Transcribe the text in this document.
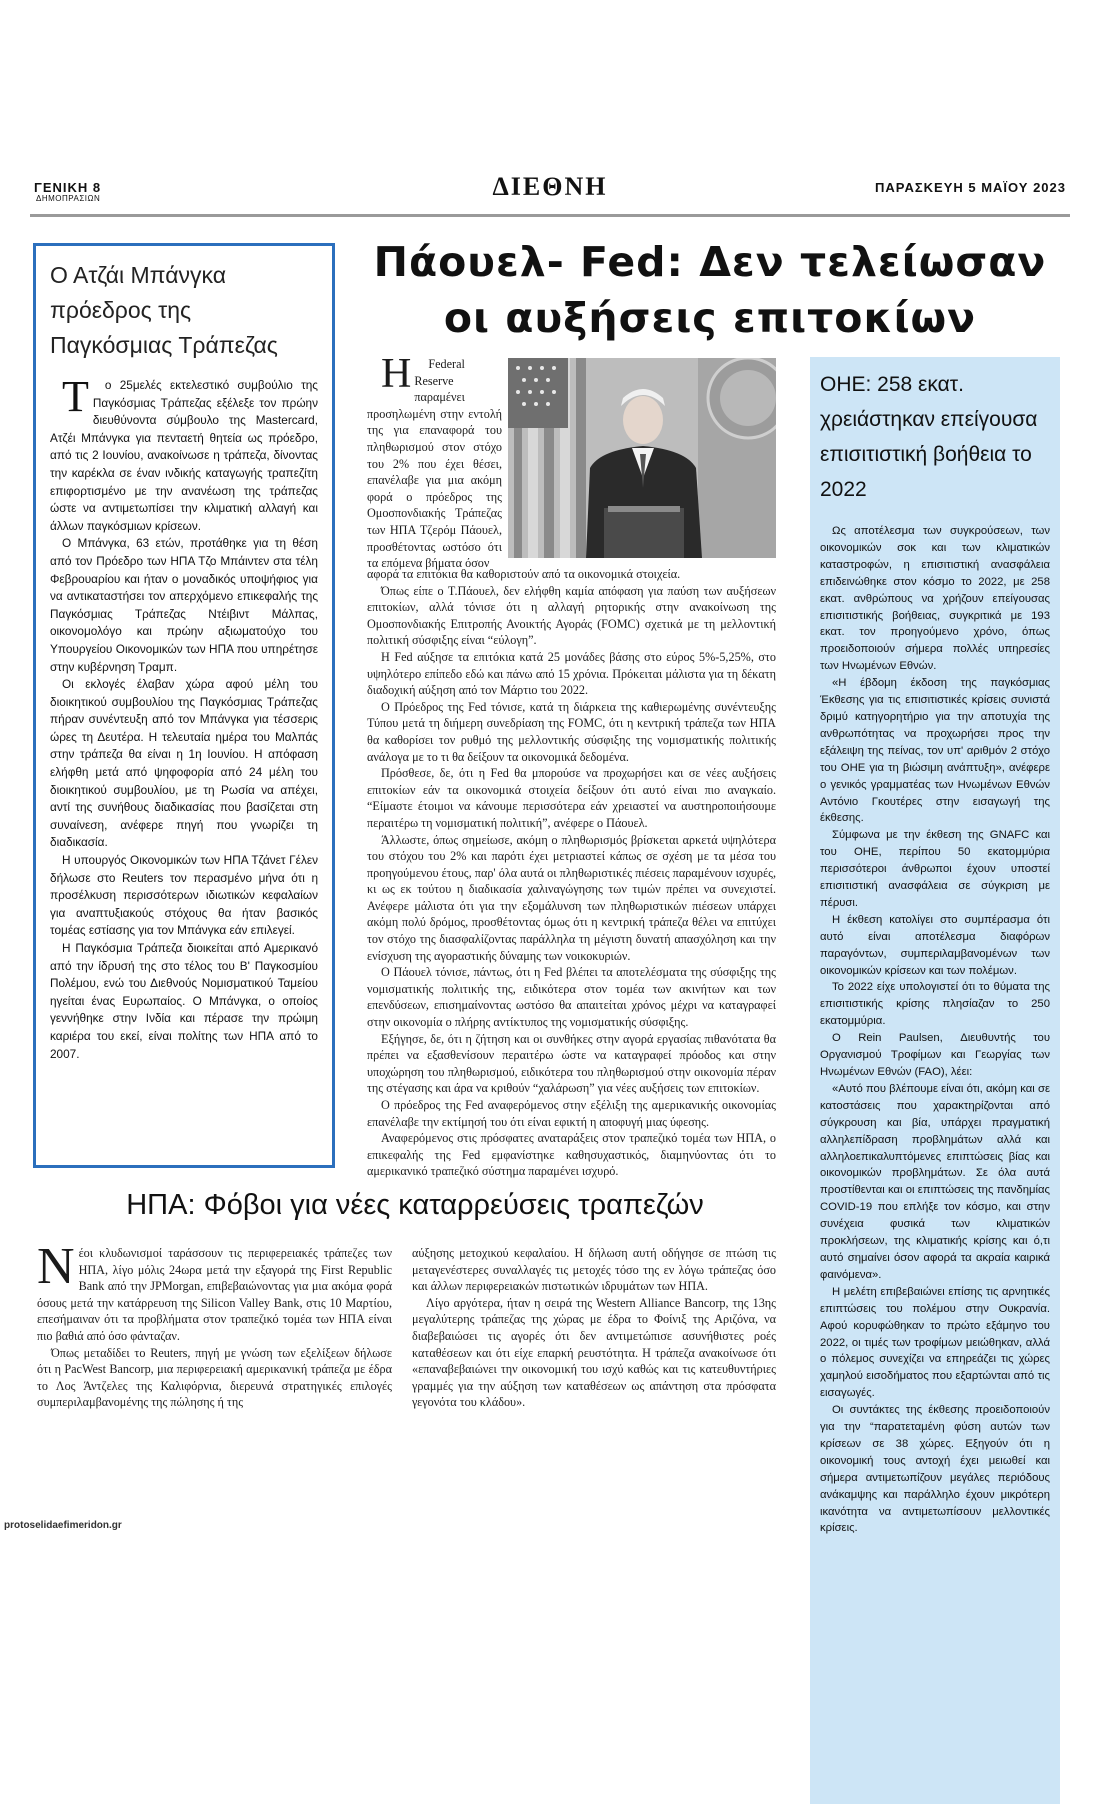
ΓΕΝΙΚΗ 8
ΔΗΜΟΠΡΑΣΙΩΝ	ΔΙΕΘΝΗ	ΠΑΡΑΣΚΕΥΗ 5 ΜΑΪΟΥ 2023
Ο Ατζάι Μπάνγκα πρόεδρος της Παγκόσμιας Τράπεζας

Το 25μελές εκτελεστικό συμβούλιο της Παγκόσμιας Τράπεζας εξέλεξε τον πρώην διευθύνοντα σύμβουλο της Mastercard, Ατζέι Μπάνγκα για πενταετή θητεία ως πρόεδρο, από τις 2 Ιουνίου, ανακοίνωσε η τράπεζα, δίνοντας την καρέκλα σε έναν ινδικής καταγωγής τραπεζίτη επιφορτισμένο με την ανανέωση της τράπεζας ώστε να αντιμετωπίσει την κλιματική αλλαγή και άλλων παγκόσμιων κρίσεων.

Ο Μπάνγκα, 63 ετών, προτάθηκε για τη θέση από τον Πρόεδρο των ΗΠΑ Τζο Μπάιντεν στα τέλη Φεβρουαρίου και ήταν ο μοναδικός υποψήφιος για να αντικαταστήσει τον απερχόμενο επικεφαλής της Παγκόσμιας Τράπεζας Ντέιβιντ Μάλπας, οικονομολόγο και πρώην αξιωματούχο του Υπουργείου Οικονομικών των ΗΠΑ που υπηρέτησε στην κυβέρνηση Τραμπ.

Οι εκλογές έλαβαν χώρα αφού μέλη του διοικητικού συμβουλίου της Παγκόσμιας Τράπεζας πήραν συνέντευξη από τον Μπάνγκα για τέσσερις ώρες τη Δευτέρα. Η τελευταία ημέρα του Μαλπάς στην τράπεζα θα είναι η 1η Ιουνίου. Η απόφαση ελήφθη μετά από ψηφοφορία από 24 μέλη του διοικητικού συμβουλίου, με τη Ρωσία να απέχει, αντί της συνήθους διαδικασίας που βασίζεται στη συναίνεση, ανέφερε πηγή που γνωρίζει τη διαδικασία.

Η υπουργός Οικονομικών των ΗΠΑ Τζάνετ Γέλεν δήλωσε στο Reuters τον περασμένο μήνα ότι η προσέλκυση περισσότερων ιδιωτικών κεφαλαίων για αναπτυξιακούς στόχους θα ήταν βασικός τομέας εστίασης για τον Μπάνγκα εάν επιλεγεί.

Η Παγκόσμια Τράπεζα διοικείται από Αμερικανό από την ίδρυσή της στο τέλος του Β' Παγκοσμίου Πολέμου, ενώ του Διεθνούς Νομισματικού Ταμείου ηγείται ένας Ευρωπαίος. Ο Μπάνγκα, ο οποίος γεννήθηκε στην Ινδία και πέρασε την πρώιμη καριέρα του εκεί, είναι πολίτης των ΗΠΑ από το 2007.

Πάουελ- Fed: Δεν τελείωσαν
οι αυξήσεις επιτοκίων

ΗFederal Reserve παραμένει προσηλωμένη στην εντολή της για επαναφορά του πληθωρισμού στον στόχο του 2% που έχει θέσει, επανέλαβε για μια ακόμη φορά ο πρόεδρος της Ομοσπονδιακής Τράπεζας των ΗΠΑ Τζερόμ Πάουελ, προσθέτοντας ωστόσο ότι τα επόμενα βήματα όσον

αφορά τα επιτόκια θα καθοριστούν από τα οικονομικά στοιχεία.

Όπως είπε ο Τ.Πάουελ, δεν ελήφθη καμία απόφαση για παύση των αυξήσεων επιτοκίων, αλλά τόνισε ότι η αλλαγή ρητορικής στην ανακοίνωση της Ομοσπονδιακής Επιτροπής Ανοικτής Αγοράς (FOMC) σχετικά με τη μελλοντική πολιτική σύσφιξης είναι “εύλογη”.

Η Fed αύξησε τα επιτόκια κατά 25 μονάδες βάσης στο εύρος 5%-5,25%, στο υψηλότερο επίπεδο εδώ και πάνω από 15 χρόνια. Πρόκειται μάλιστα για τη δέκατη διαδοχική αύξηση από τον Μάρτιο του 2022.

Ο Πρόεδρος της Fed τόνισε, κατά τη διάρκεια της καθιερωμένης συνέντευξης Τύπου μετά τη διήμερη συνεδρίαση της FOMC, ότι η κεντρική τράπεζα των ΗΠΑ θα καθορίσει τον ρυθμό της μελλοντικής σύσφιξης της νομισματικής πολιτικής ανάλογα με το τι θα δείξουν τα οικονομικά δεδομένα.

Πρόσθεσε, δε, ότι η Fed θα μπορούσε να προχωρήσει και σε νέες αυξήσεις επιτοκίων εάν τα οικονομικά στοιχεία δείξουν ότι αυτό είναι πιο αναγκαίο. “Είμαστε έτοιμοι να κάνουμε περισσότερα εάν χρειαστεί να αυστηροποιήσουμε περαιτέρω τη νομισματική πολιτική”, ανέφερε ο Πάουελ.

Άλλωστε, όπως σημείωσε, ακόμη ο πληθωρισμός βρίσκεται αρκετά υψηλότερα του στόχου του 2% και παρότι έχει μετριαστεί κάπως σε σχέση με τα μέσα του προηγούμενου έτους, παρ' όλα αυτά οι πληθωριστικές πιέσεις παραμένουν ισχυρές, κι ως εκ τούτου η διαδικασία χαλιναγώγησης των τιμών πρέπει να συνεχιστεί. Ανέφερε μάλιστα ότι για την εξομάλυνση των πληθωριστικών πιέσεων υπάρχει ακόμη πολύ δρόμος, προσθέτοντας όμως ότι η κεντρική τράπεζα θέλει να επιτύχει τον στόχο της διασφαλίζοντας παράλληλα τη μέγιστη δυνατή απασχόληση και την ενίσχυση της αγοραστικής δύναμης των νοικοκυριών.

Ο Πάουελ τόνισε, πάντως, ότι η Fed βλέπει τα αποτελέσματα της σύσφιξης της νομισματικής πολιτικής της, ειδικότερα στον τομέα των ακινήτων και των επενδύσεων, επισημαίνοντας ωστόσο θα απαιτείται χρόνος μέχρι να καταγραφεί στην οικονομία ο πλήρης αντίκτυπος της νομισματικής σύσφιξης.

Εξήγησε, δε, ότι η ζήτηση και οι συνθήκες στην αγορά εργασίας πιθανότατα θα πρέπει να εξασθενίσουν περαιτέρω ώστε να καταγραφεί πρόοδος και στην υποχώρηση του πληθωρισμού, ειδικότερα του πληθωρισμού στην οικονομία πέραν της στέγασης και άρα να κριθούν “χαλάρωση” για νέες αυξήσεις των επιτοκίων.

Ο πρόεδρος της Fed αναφερόμενος στην εξέλιξη της αμερικανικής οικονομίας επανέλαβε την εκτίμησή του ότι είναι εφικτή η αποφυγή μιας ύφεσης.

Αναφερόμενος στις πρόσφατες αναταράξεις στον τραπεζικό τομέα των ΗΠΑ, ο επικεφαλής της Fed εμφανίστηκε καθησυχαστικός, διαμηνύοντας ότι το αμερικανικό τραπεζικό σύστημα παραμένει ισχυρό.

ΟΗΕ: 258 εκατ. χρειάστηκαν επείγουσα επισιτιστική βοήθεια το 2022

Ως αποτέλεσμα των συγκρούσεων, των οικονομικών σοκ και των κλιματικών καταστροφών, η επισιτιστική ανασφάλεια επιδεινώθηκε στον κόσμο το 2022, με 258 εκατ. ανθρώπους να χρήζουν επείγουσας επισιτιστικής βοήθειας, συγκριτικά με 193 εκατ. τον προηγούμενο χρόνο, όπως προειδοποιούν σήμερα πολλές υπηρεσίες των Ηνωμένων Εθνών.

«Η έβδομη έκδοση της παγκόσμιας Έκθεσης για τις επισιτιστικές κρίσεις συνιστά δριμύ κατηγορητήριο για την αποτυχία της ανθρωπότητας να προχωρήσει προς την εξάλειψη της πείνας, τον υπ' αριθμόν 2 στόχο του ΟΗΕ για τη βιώσιμη ανάπτυξη», ανέφερε ο γενικός γραμματέας των Ηνωμένων Εθνών Αντόνιο Γκουτέρες στην εισαγωγή της έκθεσης.

Σύμφωνα με την έκθεση της GNAFC και του ΟΗΕ, περίπου 50 εκατομμύρια περισσότεροι άνθρωποι έχουν υποστεί επισιτιστική ανασφάλεια σε σύγκριση με πέρυσι.

Η έκθεση κατολίγει στο συμπέρασμα ότι αυτό είναι αποτέλεσμα διαφόρων παραγόντων, συμπεριλαμβανομένων των οικονομικών κρίσεων και των πολέμων.

Το 2022 είχε υπολογιστεί ότι το θύματα της επισιτιστικής κρίσης πλησίαζαν το 250 εκατομμύρια.

Ο Rein Paulsen, Διευθυντής του Οργανισμού Τροφίμων και Γεωργίας των Ηνωμένων Εθνών (FAO), λέει:

«Αυτό που βλέπουμε είναι ότι, ακόμη και σε κατοστάσεις που χαρακτηρίζονται από σύγκρουση και βία, υπάρχει πραγματική αλληλεπίδραση προβλημάτων αλλά και αλληλοεπικαλυπτόμενες επιπτώσεις βίας και οικονομικών προβλημάτων. Σε όλα αυτά προστίθενται και οι επιπτώσεις της πανδημίας COVID-19 που επλήξε τον κόσμο, και στην συνέχεια φυσικά των κλιματικών προκλήσεων, της κλιματικής κρίσης και ό,τι αυτό σημαίνει όσον αφορά τα ακραία καιρικά φαινόμενα».

Η μελέτη επιβεβαιώνει επίσης τις αρνητικές επιπτώσεις του πολέμου στην Ουκρανία. Αφού κορυφώθηκαν το πρώτο εξάμηνο του 2022, οι τιμές των τροφίμων μειώθηκαν, αλλά ο πόλεμος συνεχίζει να επηρεάζει τις χώρες χαμηλού εισοδήματος που εξαρτώνται από τις εισαγωγές.

Οι συντάκτες της έκθεσης προειδοποιούν για την “παρατεταμένη φύση αυτών των κρίσεων σε 38 χώρες. Εξηγούν ότι η οικονομική τους αντοχή έχει μειωθεί και σήμερα αντιμετωπίζουν μεγάλες περιόδους ανάκαμψης και παράλληλο έχουν μικρότερη ικανότητα να αντιμετωπίσουν μελλοντικές κρίσεις.

ΗΠΑ: Φόβοι για νέες καταρρεύσεις τραπεζών

Νέοι κλυδωνισμοί ταράσσουν τις περιφερειακές τράπεζες των ΗΠΑ, λίγο μόλις 24ωρα μετά την εξαγορά της First Republic Bank από την JPMorgan, επιβεβαιώνοντας για μια ακόμα φορά όσους μετά την κατάρρευση της Silicon Valley Bank, στις 10 Μαρτίου, επεσήμαιναν ότι τα προβλήματα στον τραπεζικό τομέα των ΗΠΑ είναι πιο βαθιά από όσο φάνταζαν.

Όπως μεταδίδει το Reuters, πηγή με γνώση των εξελίξεων δήλωσε ότι η PacWest Bancorp, μια περιφερειακή αμερικανική τράπεζα με έδρα το Λος Άντζελες της Καλιφόρνια, διερευνά στρατηγικές επιλογές συμπεριλαμβανομένης της πώλησης ή της

αύξησης μετοχικού κεφαλαίου. Η δήλωση αυτή οδήγησε σε πτώση τις μεταγενέστερες συναλλαγές τις μετοχές τόσο της εν λόγω τράπεζας όσο και άλλων περιφερειακών πιστωτικών ιδρυμάτων των ΗΠΑ.

Λίγο αργότερα, ήταν η σειρά της Western Alliance Bancorp, της 13ης μεγαλύτερης τράπεζας της χώρας με έδρα το Φοίνιξ της Αριζόνα, να διαβεβαιώσει τις αγορές ότι δεν αντιμετώπισε ασυνήθιστες ροές καταθέσεων και ότι είχε επαρκή ρευστότητα. Η τράπεζα ανακοίνωσε ότι «επαναβεβαιώνει την οικονομική του ισχύ καθώς και τις κατευθυντήριες γραμμές για την αύξηση των καταθέσεων ως απάντηση στα πρόσφατα γεγονότα του κλάδου».

protoselidaefimeridon.gr
